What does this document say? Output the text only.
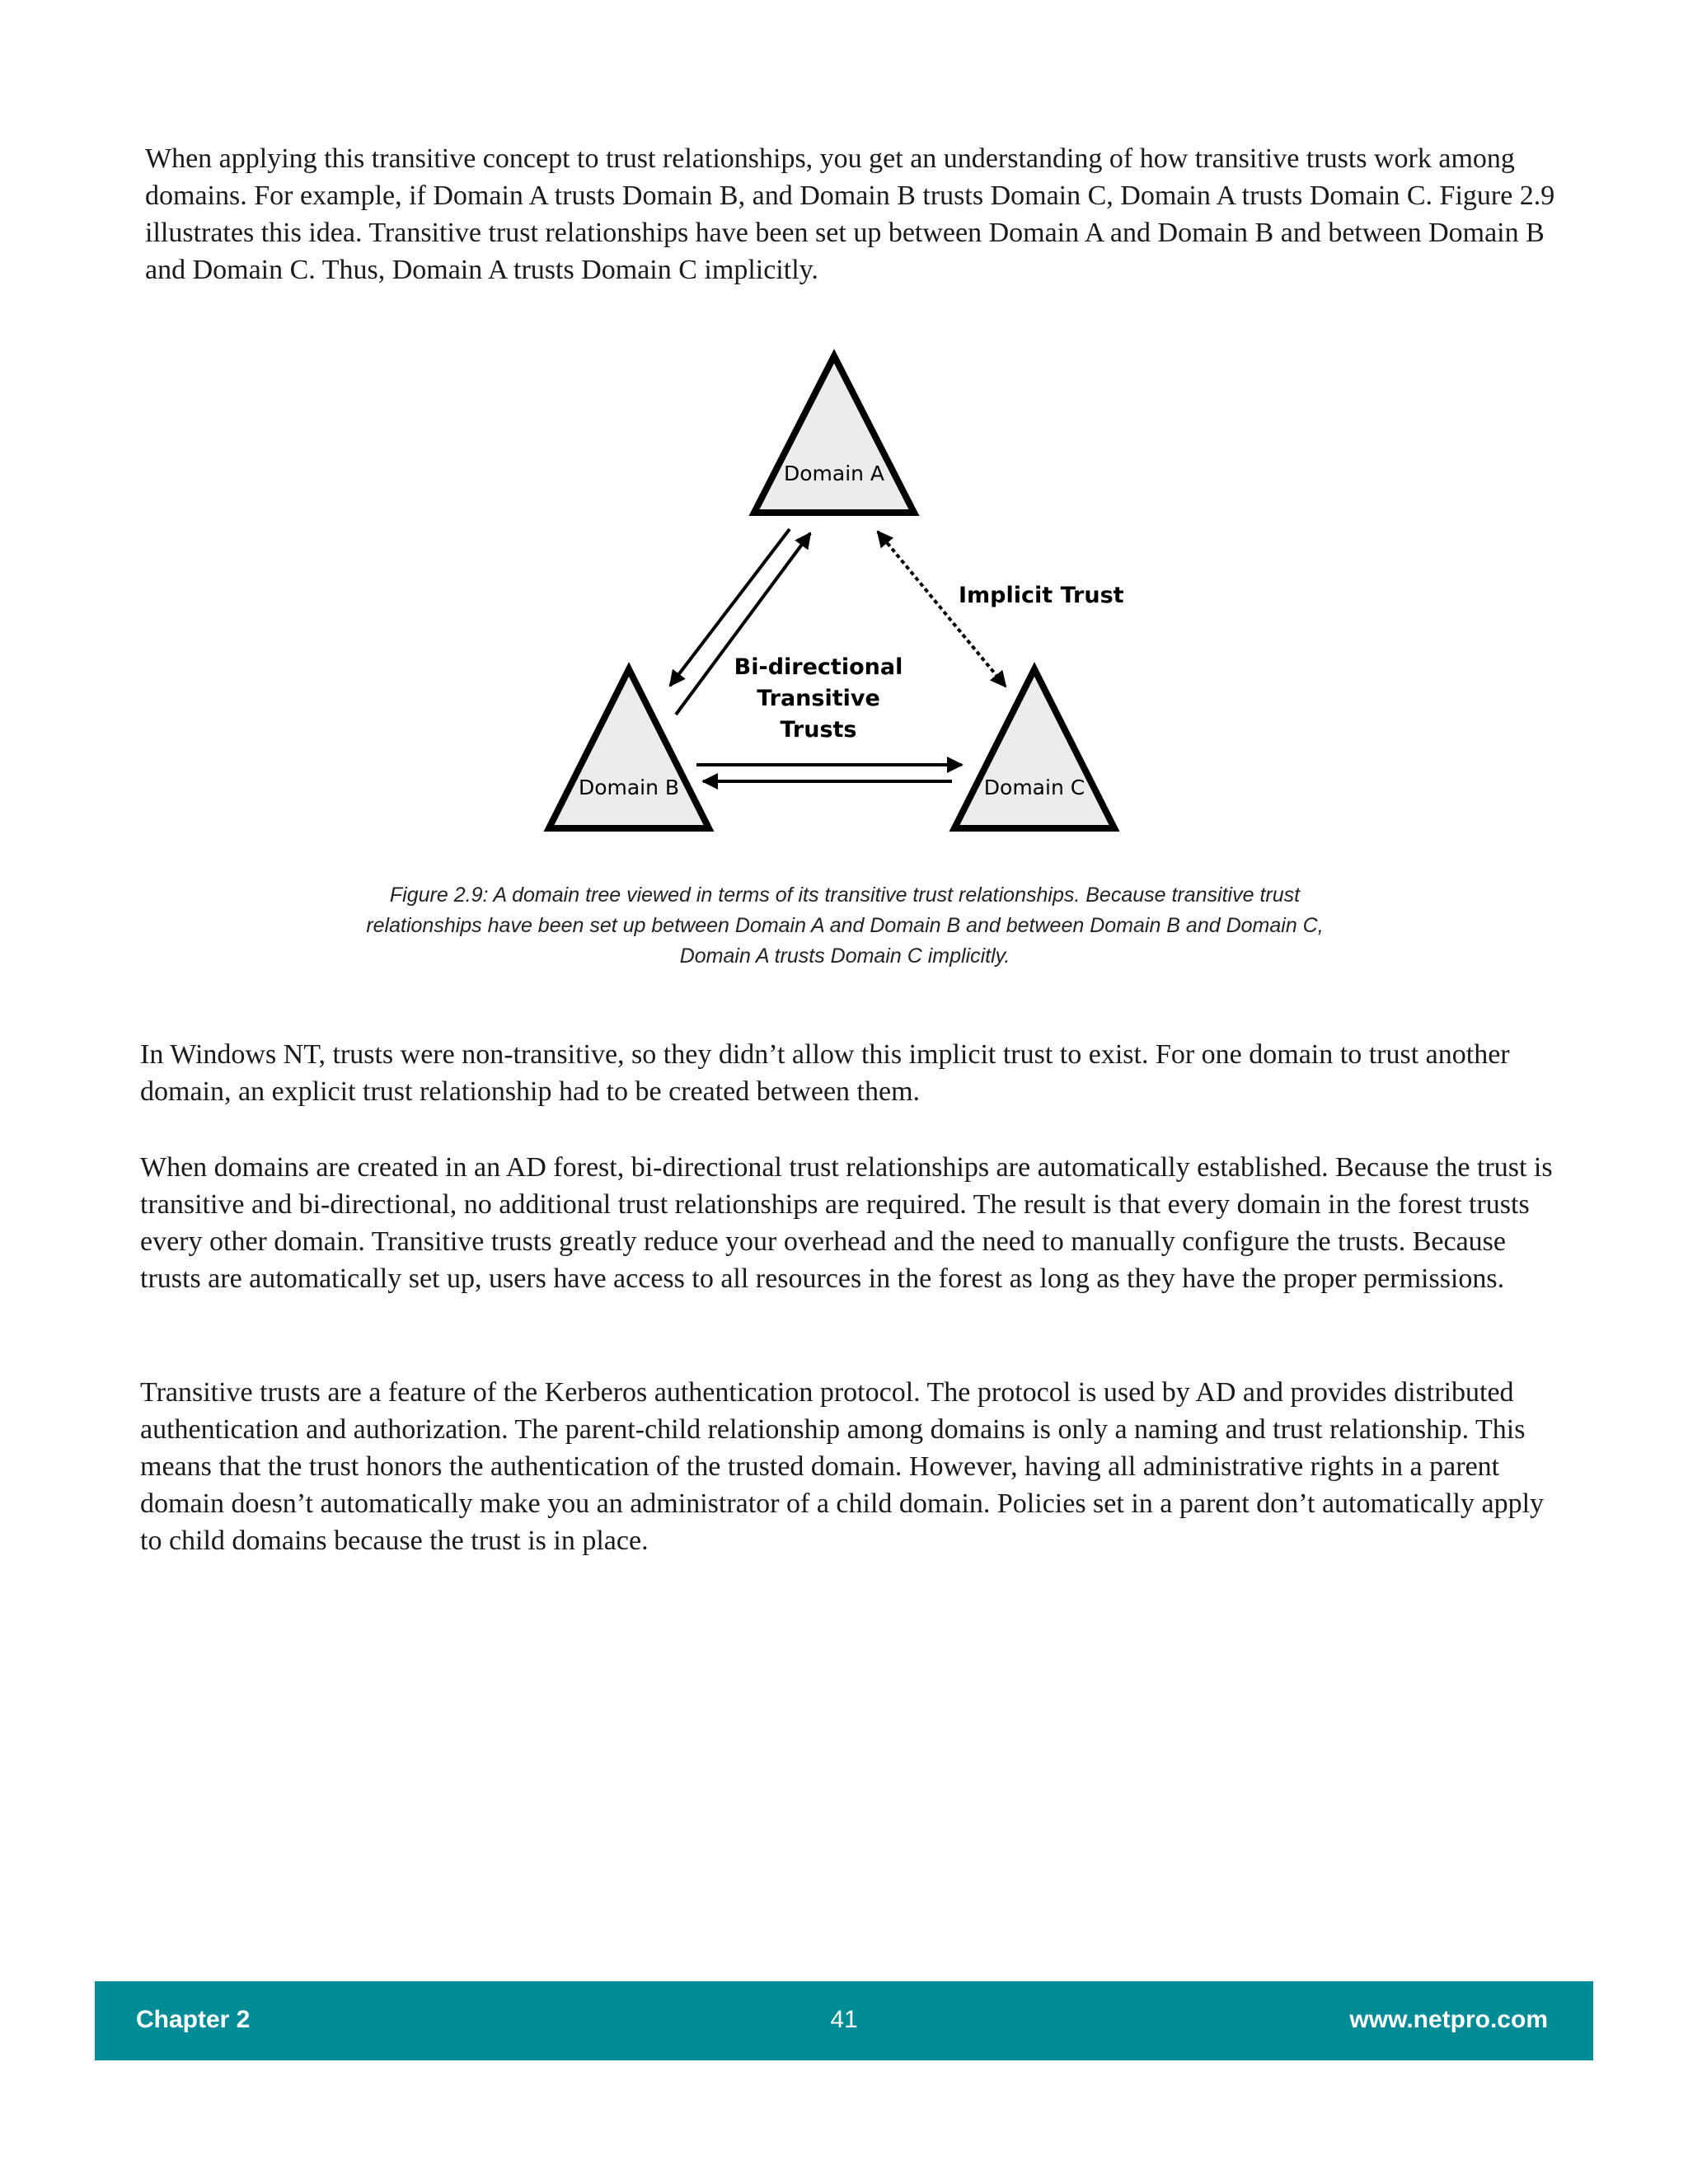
When applying this transitive concept to trust relationships, you get an understanding of how transitive trusts work among domains. For example, if Domain A trusts Domain B, and Domain B trusts Domain C, Domain A trusts Domain C. Figure 2.9 illustrates this idea. Transitive trust relationships have been set up between Domain A and Domain B and between Domain B and Domain C. Thus, Domain A trusts Domain C implicitly.

Domain A
Domain B	Domain C
Implicit Trust
Bi-directional
Transitive
Trusts

Figure 2.9: A domain tree viewed in terms of its transitive trust relationships. Because transitive trust relationships have been set up between Domain A and Domain B and between Domain B and Domain C, Domain A trusts Domain C implicitly.

In Windows NT, trusts were non-transitive, so they didn’t allow this implicit trust to exist. For one domain to trust another domain, an explicit trust relationship had to be created between them.

When domains are created in an AD forest, bi-directional trust relationships are automatically established. Because the trust is transitive and bi-directional, no additional trust relationships are required. The result is that every domain in the forest trusts every other domain. Transitive trusts greatly reduce your overhead and the need to manually configure the trusts. Because trusts are automatically set up, users have access to all resources in the forest as long as they have the proper permissions.

Transitive trusts are a feature of the Kerberos authentication protocol. The protocol is used by AD and provides distributed authentication and authorization. The parent-child relationship among domains is only a naming and trust relationship. This means that the trust honors the authentication of the trusted domain. However, having all administrative rights in a parent domain doesn’t automatically make you an administrator of a child domain. Policies set in a parent don’t automatically apply to child domains because the trust is in place.

Chapter 2	41	www.netpro.com
